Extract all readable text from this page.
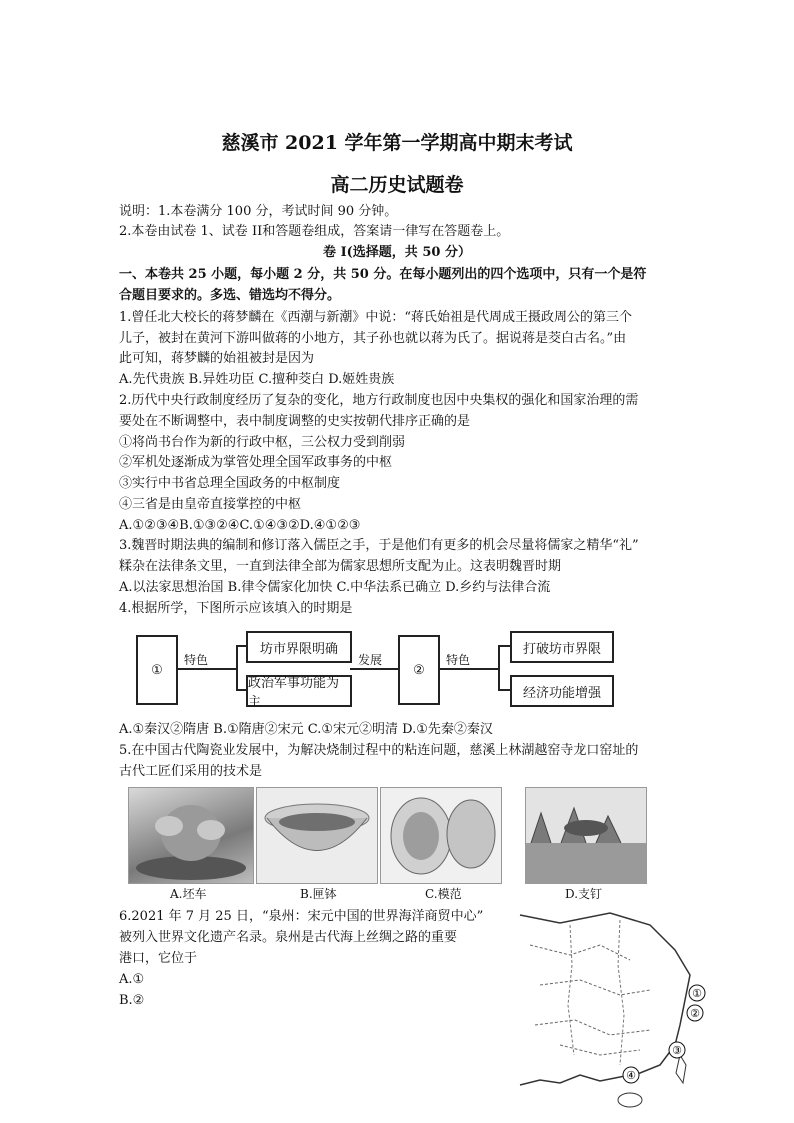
慈溪市 2021 学年第一学期高中期末考试
高二历史试题卷
说明：1.本卷满分 100 分，考试时间 90 分钟。
2.本卷由试卷 1、试卷 II和答题卷组成，答案请一律写在答题卷上。
卷 I(选择题，共 50 分）
一、本卷共 25 小题，每小题 2 分，共 50 分。在每小题列出的四个选项中，只有一个是符
合题目要求的。多选、错选均不得分。
1.曾任北大校长的蒋梦麟在《西潮与新潮》中说：“蒋氏始祖是代周成王摄政周公的第三个
儿子，被封在黄河下游叫做蒋的小地方，其子孙也就以蒋为氏了。据说蒋是茭白古名。”由
此可知，蒋梦麟的始祖被封是因为
A.先代贵族 B.异姓功臣 C.擅种茭白 D.姬姓贵族
2.历代中央行政制度经历了复杂的变化，地方行政制度也因中央集权的强化和国家治理的需
要处在不断调整中，表中制度调整的史实按朝代排序正确的是
①将尚书台作为新的行政中枢，三公权力受到削弱
②军机处逐渐成为掌管处理全国军政事务的中枢
③实行中书省总理全国政务的中枢制度
④三省是由皇帝直接掌控的中枢
A.①②③④B.①③②④C.①④③②D.④①②③
3.魏晋时期法典的编制和修订落入儒臣之手，于是他们有更多的机会尽量将儒家之精华“礼”
糅杂在法律条文里，一直到法律全部为儒家思想所支配为止。这表明魏晋时期
A.以法家思想治国 B.律令儒家化加快 C.中华法系已确立 D.乡约与法律合流
4.根据所学，下图所示应该填入的时期是
①
特色
坊市界限明确
政治军事功能为主
发展
②
特色
打破坊市界限
经济功能增强
A.①秦汉②隋唐 B.①隋唐②宋元 C.①宋元②明清 D.①先秦②秦汉
5.在中国古代陶瓷业发展中，为解决烧制过程中的粘连问题，慈溪上林湖越窑寺龙口窑址的
古代工匠们采用的技术是
A.坯车	B.匣钵	C.模范	D.支钉
6.2021 年 7 月 25 日，“泉州：宋元中国的世界海洋商贸中心”
被列入世界文化遗产名录。泉州是古代海上丝绸之路的重要
港口，它位于
A.①
B.②	①
②
③
④
